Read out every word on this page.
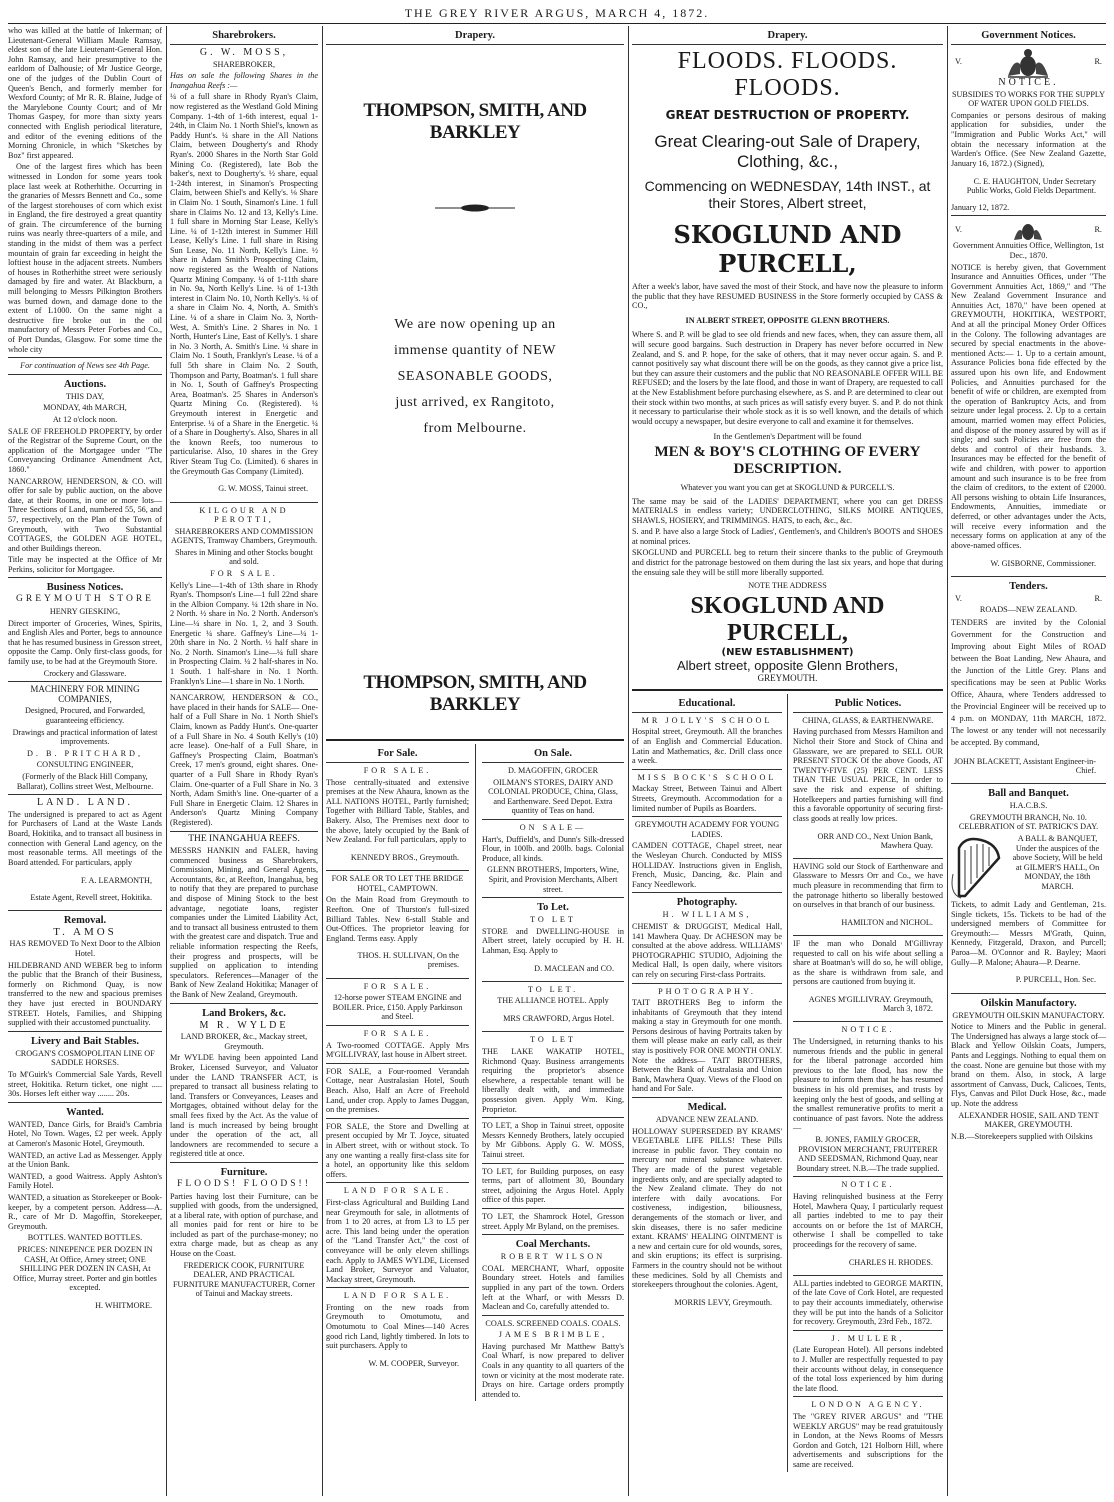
THE GREY RIVER ARGUS, MARCH 4, 1872.

who was killed at the battle of Inkerman; of Lieutenant-General William Maule Ramsay, eldest son of the late Lieutenant-General Hon. John Ramsay, and heir presumptive to the earldom of Dalhousie; of Mr Justice George, one of the judges of the Dublin Court of Queen's Bench, and formerly member for Wexford County; of Mr R. R. Blaine, Judge of the Marylebone County Court; and of Mr Thomas Gaspey, for more than sixty years connected with English periodical literature, and editor of the evening editions of the Morning Chronicle, in which "Sketches by Boz" first appeared.

One of the largest fires which has been witnessed in London for some years took place last week at Rotherhithe. Occurring in the granaries of Messrs Bennett and Co., some of the largest storehouses of corn which exist in England, the fire destroyed a great quantity of grain. The circumference of the burning ruins was nearly three-quarters of a mile, and standing in the midst of them was a perfect mountain of grain far exceeding in height the loftiest house in the adjacent streets. Numbers of houses in Rotherhithe street were seriously damaged by fire and water. At Blackburn, a mill belonging to Messrs Pilkington Brothers was burned down, and damage done to the extent of L1000. On the same night a destructive fire broke out in the oil manufactory of Messrs Peter Forbes and Co., of Port Dundas, Glasgow. For some time the whole city

For continuation of News see 4th Page.

Auctions.

THIS DAY,

MONDAY, 4th MARCH,

At 12 o'clock noon.

SALE OF FREEHOLD PROPERTY, by order of the Registrar of the Supreme Court, on the application of the Mortgagee under "The Conveyancing Ordinance Amendment Act, 1860."

NANCARROW, HENDERSON, & CO. will offer for sale by public auction, on the above date, at their Rooms, in one or more lots— Three Sections of Land, numbered 55, 56, and 57, respectively, on the Plan of the Town of Greymouth, with Two Substantial COTTAGES, the GOLDEN AGE HOTEL, and other Buildings thereon.

Title may be inspected at the Office of Mr Perkins, solicitor for Mortgagee.

Business Notices.

GREYMOUTH STORE

HENRY GIESKING,

Direct importer of Groceries, Wines, Spirits, and English Ales and Porter, begs to announce that he has resumed business in Gresson street, opposite the Camp. Only first-class goods, for family use, to be had at the Greymouth Store.

Crockery and Glassware.

MACHINERY FOR MINING COMPANIES,

Designed, Procured, and Forwarded, guaranteeing efficiency.

Drawings and practical information of latest improvements.

D. B. PRITCHARD,

CONSULTING ENGINEER,

(Formerly of the Black Hill Company, Ballarat), Collins street West, Melbourne.

LAND. LAND.

The undersigned is prepared to act as Agent for Purchasers of Land at the Waste Lands Board, Hokitika, and to transact all business in connection with General Land agency, on the most reasonable terms. All meetings of the Board attended. For particulars, apply

F. A. LEARMONTH,

Estate Agent, Revell street, Hokitika.

Removal.

T. AMOS

HAS REMOVED To Next Door to the Albion Hotel.

HILDEBRAND AND WEBER beg to inform the public that the Branch of their Business, formerly on Richmond Quay, is now transferred to the new and spacious premises they have just erected in BOUNDARY STREET. Hotels, Families, and Shipping supplied with their accustomed punctuality.

Livery and Bait Stables.

CROGAN'S COSMOPOLITAN LINE OF SADDLE HORSES.

To M'Guirk's Commercial Sale Yards, Revell street, Hokitika. Return ticket, one night ..... 30s. Horses left either way ........ 20s.

Wanted.

WANTED, Dance Girls, for Braid's Cambria Hotel, No Town. Wages, £2 per week. Apply at Cameron's Masonic Hotel, Greymouth.

WANTED, an active Lad as Messenger. Apply at the Union Bank.

WANTED, a good Waitress. Apply Ashton's Family Hotel.

WANTED, a situation as Storekeeper or Book-keeper, by a competent person. Address—A. R., care of Mr D. Magoffin, Storekeeper, Greymouth.

BOTTLES. WANTED BOTTLES.

PRICES: NINEPENCE PER DOZEN IN CASH, At Office, Arney street; ONE SHILLING PER DOZEN IN CASH, At Office, Murray street. Porter and gin bottles excepted.

H. WHITMORE.

Sharebrokers.

G. W. MOSS,

SHAREBROKER,

Has on sale the following Shares in the Inangahua Reefs :—

¼ of a full share in Rhody Ryan's Claim, now registered as the Westland Gold Mining Company. 1-4th of 1-6th interest, equal 1-24th, in Claim No. 1 North Shiel's, known as Paddy Hunt's. ¼ share in the All Nations Claim, between Dougherty's and Rhody Ryan's. 2000 Shares in the North Star Gold Mining Co. (Registered), late Bob the baker's, next to Dougherty's. ½ share, equal 1-24th interest, in Sinamon's Prospecting Claim, between Shiel's and Kelly's. ⅛ Share in Claim No. 1 South, Sinamon's Line. 1 full share in Claims No. 12 and 13, Kelly's Line. 1 full share in Morning Star Lease, Kelly's Line. ¼ of 1-12th interest in Summer Hill Lease, Kelly's Line. 1 full share in Rising Sun Lease, No. 11 North, Kelly's Line. ½ share in Adam Smith's Prospecting Claim, now registered as the Wealth of Nations Quartz Mining Company. ¼ of 1-11th share in No. 9a, North Kelly's Line. ¼ of 1-13th interest in Claim No. 10, North Kelly's. ¼ of a share in Claim No. 4, North, A. Smith's Line. ¼ of a share in Claim No. 3, North-West, A. Smith's Line. 2 Shares in No. 1 North, Hunter's Line, East of Kelly's. 1 share in No. 3 North, A. Smith's Line. ¼ share in Claim No. 1 South, Franklyn's Lease. ¼ of a full 5th share in Claim No. 2 South, Thompson and Party, Boatman's. 1 full share in No. 1, South of Gaffney's Prospecting Area, Boatman's. 25 Shares in Anderson's Quartz Mining Co. (Registered). ¼ Greymouth interest in Energetic and Enterprise. ¼ of a Share in the Energetic. ¼ of a Share in Dougherty's. Also, Shares in all the known Reefs, too numerous to particularise. Also, 10 shares in the Grey River Steam Tug Co. (Limited). 6 shares in the Greymouth Gas Company (Limited).

G. W. MOSS, Tainui street.

KILGOUR AND PEROTTI,

SHAREBROKERS AND COMMISSION AGENTS, Tramway Chambers, Greymouth.

Shares in Mining and other Stocks bought and sold.

FOR SALE.

Kelly's Line—1-4th of 13th share in Rhody Ryan's. Thompson's Line—1 full 22nd share in the Albion Company. ¼ 12th share in No. 2 North. ½ share in No. 2 North. Anderson's Line—¼ share in No. 1, 2, and 3 South. Energetic ¼ share. Gaffney's Line—¼ 1-20th share in No. 2 North. ½ half share in No. 2 North. Sinamon's Line—¼ full share in Prospecting Claim. ¼ 2 half-shares in No. 1 South. 1 half-share in No. 1 North. Franklyn's Line—1 share in No. 1 North.

NANCARROW, HENDERSON & CO., have placed in their hands for SALE— One-half of a Full Share in No. 1 North Shiel's Claim, known as Paddy Hunt's. One-quarter of a Full Share in No. 4 South Kelly's (10) acre lease). One-half of a Full Share, in Gaffney's Prospecting Claim, Boatman's Creek, 17 men's ground, eight shares. One-quarter of a Full Share in Rhody Ryan's Claim. One-quarter of a Full Share in No. 3 North, Adam Smith's line. One-quarter of a Full Share in Energetic Claim. 12 Shares in Anderson's Quartz Mining Company (Registered).

THE INANGAHUA REEFS.

MESSRS HANKIN and FALER, having commenced business as Sharebrokers, Commission, Mining, and General Agents, Accountants, &c, at Reefton, Inangahua, beg to notify that they are prepared to purchase and dispose of Mining Stock to the best advantage, negotiate loans, register companies under the Limited Liability Act, and to transact all business entrusted to them with the greatest care and dispatch. True and reliable information respecting the Reefs, their progress and prospects, will be supplied on application to intending speculators. References—Manager of the Bank of New Zealand Hokitika; Manager of the Bank of New Zealand, Greymouth.

Land Brokers, &c.

M R. WYLDE

LAND BROKER, &c., Mackay street, Greymouth.

Mr WYLDE having been appointed Land Broker, Licensed Surveyor, and Valuator under the LAND TRANSFER ACT, is prepared to transact all business relating to land. Transfers or Conveyances, Leases and Mortgages, obtained without delay for the small fees fixed by the Act. As the value of land is much increased by being brought under the operation of the act, all landowners are recommended to secure a registered title at once.

Furniture.

FLOODS! FLOODS!!

Parties having lost their Furniture, can be supplied with goods, from the undersigned, at a liberal rate, with option of purchase, and all monies paid for rent or hire to be included as part of the purchase-money; no extra charge made, but as cheap as any House on the Coast.

FREDERICK COOK, FURNITURE DEALER, AND PRACTICAL FURNITURE MANUFACTURER, Corner of Tainui and Mackay streets.

Drapery.
THOMPSON, SMITH, AND BARKLEY
We are now opening up an
immense quantity of NEW
SEASONABLE GOODS,
just arrived, ex Rangitoto,
from Melbourne.
THOMPSON, SMITH, AND BARKLEY
For Sale.

FOR SALE.

Those centrally-situated and extensive premises at the New Ahaura, known as the ALL NATIONS HOTEL, Partly furnished; Together with Billiard Table, Stables, and Bakery. Also, The Premises next door to the above, lately occupied by the Bank of New Zealand. For full particulars, apply to

KENNEDY BROS., Greymouth.

FOR SALE OR TO LET THE BRIDGE HOTEL, CAMPTOWN.

On the Main Road from Greymouth to Reefton. One of Thurston's full-sized Billiard Tables. New 6-stall Stable and Out-Offices. The proprietor leaving for England. Terms easy. Apply

THOS. H. SULLIVAN, On the premises.

FOR SALE.

12-horse power STEAM ENGINE and BOILER. Price, £150. Apply Parkinson and Steel.

FOR SALE.

A Two-roomed COTTAGE. Apply Mrs M'GILLIVRAY, last house in Albert street.

FOR SALE, a Four-roomed Verandah Cottage, near Australasian Hotel, South Beach. Also, Half an Acre of Freehold Land, under crop. Apply to James Duggan, on the premises.

FOR SALE, the Store and Dwelling at present occupied by Mr T. Joyce, situated in Albert street, with or without stock. To any one wanting a really first-class site for a hotel, an opportunity like this seldom offers.

LAND FOR SALE.

First-class Agricultural and Building Land near Greymouth for sale, in allotments of from 1 to 20 acres, at from L3 to L5 per acre. This land being under the operation of the "Land Transfer Act," the cost of conveyance will be only eleven shillings each. Apply to JAMES WYLDE, Licensed Land Broker, Surveyor and Valuator, Mackay street, Greymouth.

LAND FOR SALE.

Fronting on the new roads from Greymouth to Omotumotu, and Omotumotu to Coal Mines—140 Acres good rich Land, lightly timbered. In lots to suit purchasers. Apply to

W. M. COOPER, Surveyor.

On Sale.

D. MAGOFFIN, GROCER

OILMAN'S STORES, DAIRY AND COLONIAL PRODUCE, China, Glass, and Earthenware. Seed Depot. Extra quantity of Teas on hand.

ON SALE—

Hart's, Duffield's, and Dunn's Silk-dressed Flour, in 100lb. and 200lb. bags. Colonial Produce, all kinds.

GLENN BROTHERS, Importers, Wine, Spirit, and Provision Merchants, Albert street.

To Let.

TO LET

STORE and DWELLING-HOUSE in Albert street, lately occupied by H. H. Lahman, Esq. Apply to

D. MACLEAN and CO.

TO LET.

THE ALLIANCE HOTEL. Apply

MRS CRAWFORD, Argus Hotel.

TO LET

THE LAKE WAKATIP HOTEL, Richmond Quay. Business arrangements requiring the proprietor's absence elsewhere, a respectable tenant will be liberally dealt with, and immediate possession given. Apply Wm. King, Proprietor.

TO LET, a Shop in Tainui street, opposite Messrs Kennedy Brothers, lately occupied by Mr Gibbons. Apply G. W. MOSS, Tainui street.

TO LET, for Building purposes, on easy terms, part of allotment 30, Boundary street, adjoining the Argus Hotel. Apply office of this paper.

TO LET, the Shamrock Hotel, Gresson street. Apply Mr Byland, on the premises.

Coal Merchants.

ROBERT WILSON

COAL MERCHANT, Wharf, opposite Boundary street. Hotels and families supplied in any part of the town. Orders left at the Wharf, or with Messrs D. Maclean and Co, carefully attended to.

COALS. SCREENED COALS. COALS.

JAMES BRIMBLE,

Having purchased Mr Matthew Batty's Coal Wharf, is now prepared to deliver Coals in any quantity to all quarters of the town or vicinity at the most moderate rate. Drays on hire. Cartage orders promptly attended to.

Drapery.
FLOODS. FLOODS. FLOODS.
GREAT DESTRUCTION OF PROPERTY.
Great Clearing-out Sale of Drapery, Clothing, &c.,
Commencing on WEDNESDAY, 14th INST., at their Stores, Albert street,
SKOGLUND AND PURCELL,

After a week's labor, have saved the most of their Stock, and have now the pleasure to inform the public that they have RESUMED BUSINESS in the Store formerly occupied by CASS & CO.,

IN ALBERT STREET, OPPOSITE GLENN BROTHERS.

Where S. and P. will be glad to see old friends and new faces, when, they can assure them, all will secure good bargains. Such destruction in Drapery has never before occurred in New Zealand, and S. and P. hope, for the sake of others, that it may never occur again. S. and P. cannot positively say what discount there will be on the goods, as they cannot give a price list, but they can assure their customers and the public that NO REASONABLE OFFER WILL BE REFUSED; and the losers by the late flood, and those in want of Drapery, are requested to call at the New Establishment before purchasing elsewhere, as S. and P. are determined to clear out their stock within two months, at such prices as will satisfy every buyer. S. and P. do not think it necessary to particularise their whole stock as it is so well known, and the details of which would occupy a newspaper, but desire everyone to call and examine it for themselves.

In the Gentlemen's Department will be found

MEN & BOY'S CLOTHING OF EVERY DESCRIPTION.

Whatever you want you can get at SKOGLUND & PURCELL'S.

The same may be said of the LADIES' DEPARTMENT, where you can get DRESS MATERIALS in endless variety; UNDERCLOTHING, SILKS MOIRE ANTIQUES, SHAWLS, HOSIERY, and TRIMMINGS. HATS, to each, &c., &c.

S. and P. have also a large Stock of Ladies', Gentlemen's, and Children's BOOTS and SHOES at nominal prices.

SKOGLUND and PURCELL beg to return their sincere thanks to the public of Greymouth and district for the patronage bestowed on them during the last six years, and hope that during the ensuing sale they will be still more liberally supported.

NOTE THE ADDRESS

SKOGLUND AND PURCELL,
(NEW ESTABLISHMENT)
Albert street, opposite Glenn Brothers,
GREYMOUTH.
Educational.

MR JOLLY'S SCHOOL

Hospital street, Greymouth. All the branches of an English and Commercial Education. Latin and Mathematics, &c. Drill class once a week.

MISS BOCK'S SCHOOL

Mackay Street, Between Tainui and Albert Streets, Greymouth. Accommodation for a limited number of Pupils as Boarders.

GREYMOUTH ACADEMY FOR YOUNG LADIES.

CAMDEN COTTAGE, Chapel street, near the Wesleyan Church. Conducted by MISS HOLLIDAY. Instructions given in English, French, Music, Dancing, &c. Plain and Fancy Needlework.

Photography.

H. WILLIAMS,

CHEMIST & DRUGGIST, Medical Hall, 141 Mawhera Quay. Dr ACHESON may be consulted at the above address. WILLIAMS' PHOTOGRAPHIC STUDIO, Adjoining the Medical Hall, Is open daily, where visitors can rely on securing First-class Portraits.

PHOTOGRAPHY.

TAIT BROTHERS Beg to inform the inhabitants of Greymouth that they intend making a stay in Greymouth for one month. Persons desirous of having Portraits taken by them will please make an early call, as their stay is positively FOR ONE MONTH ONLY. Note the address— TAIT BROTHERS, Between the Bank of Australasia and Union Bank, Mawhera Quay. Views of the Flood on hand and For Sale.

Medical.

ADVANCE NEW ZEALAND.

HOLLOWAY SUPERSEDED BY KRAMS' VEGETABLE LIFE PILLS! These Pills increase in public favor. They contain no mercury nor mineral substance whatever. They are made of the purest vegetable ingredients only, and are specially adapted to the New Zealand climate. They do not interfere with daily avocations. For costiveness, indigestion, biliousness, derangements of the stomach or liver, and skin diseases, there is no safer medicine extant. KRAMS' HEALING OINTMENT is a new and certain cure for old wounds, sores, and skin eruptions; its effect is surprising. Farmers in the country should not be without these medicines. Sold by all Chemists and storekeepers throughout the colonies. Agent,

MORRIS LEVY, Greymouth.

Public Notices.

CHINA, GLASS, & EARTHENWARE.

Having purchased from Messrs Hamilton and Nichol their Store and Stock of China and Glassware, we are prepared to SELL OUR PRESENT STOCK Of the above Goods, AT TWENTY-FIVE (25) PER CENT. LESS THAN THE USUAL PRICE, In order to save the risk and expense of shifting. Hotelkeepers and parties furnishing will find this a favorable opportunity of securing first-class goods at really low prices.

ORR AND CO., Next Union Bank, Mawhera Quay.

HAVING sold our Stock of Earthenware and Glassware to Messrs Orr and Co., we have much pleasure in recommending that firm to the patronage hitherto so liberally bestowed on ourselves in that branch of our business.

HAMILTON and NICHOL.

IF the man who Donald M'Gillivray requested to call on his wife about selling a share at Boatman's will do so, he will oblige, as the share is withdrawn from sale, and persons are cautioned from buying it.

AGNES M'GILLIVRAY. Greymouth, March 3, 1872.

NOTICE.

The Undersigned, in returning thanks to his numerous friends and the public in general for the liberal patronage accorded him previous to the late flood, has now the pleasure to inform them that he has resumed business in his old premises, and trusts by keeping only the best of goods, and selling at the smallest remunerative profits to merit a continuance of past favors. Note the address—

B. JONES, FAMILY GROCER, PROVISION MERCHANT, FRUITERER AND SEEDSMAN, Richmond Quay, near Boundary street. N.B.—The trade supplied.

NOTICE.

Having relinquished business at the Ferry Hotel, Mawhera Quay, I particularly request all parties indebted to me to pay their accounts on or before the 1st of MARCH, otherwise I shall be compelled to take proceedings for the recovery of same.

CHARLES H. RHODES.

ALL parties indebted to GEORGE MARTIN, of the late Cove of Cork Hotel, are requested to pay their accounts immediately, otherwise they will be put into the hands of a Solicitor for recovery. Greymouth, 23rd Feb., 1872.

J. MULLER,

(Late European Hotel). All persons indebted to J. Muller are respectfully requested to pay their accounts without delay, in consequence of the total loss experienced by him during the late flood.

LONDON AGENCY.

The "GREY RIVER ARGUS" and "THE WEEKLY ARGUS" may be read gratuitously in London, at the News Rooms of Messrs Gordon and Gotch, 121 Holborn Hill, where advertisements and subscriptions for the same are received.

Government Notices.
V.	R.

NOTICE.

SUBSIDIES TO WORKS FOR THE SUPPLY OF WATER UPON GOLD FIELDS.

Companies or persons desirous of making application for subsidies, under the "Immigration and Public Works Act," will obtain the necessary information at the Warden's Office. (See New Zealand Gazette, January 16, 1872.) (Signed),

C. E. HAUGHTON, Under Secretary Public Works, Gold Fields Department.

January 12, 1872.

V.	R.

Government Annuities Office, Wellington, 1st Dec., 1870.

NOTICE is hereby given, that Government Insurance and Annuities Offices, under "The Government Annuities Act, 1869," and "The New Zealand Government Insurance and Annuities Act, 1870," have been opened at GREYMOUTH, HOKITIKA, WESTPORT, And at all the principal Money Order Offices in the Colony. The following advantages are secured by special enactments in the above-mentioned Acts:— 1. Up to a certain amount, Assurance Policies bona fide effected by the assured upon his own life, and Endowment Policies, and Annuities purchased for the benefit of wife or children, are exempted from the operation of Bankruptcy Acts, and from seizure under legal process. 2. Up to a certain amount, married women may effect Policies, and dispose of the money assured by will as if single; and such Policies are free from the debts and control of their husbands. 3. Insurances may be effected for the benefit of wife and children, with power to apportion amount and such insurance is to be free from the claim of creditors, to the extent of £2000. All persons wishing to obtain Life Insurances, Endowments, Annuities, immediate or deferred, or other advantages under the Acts, will receive every information and the necessary forms on application at any of the above-named offices.

W. GISBORNE, Commissioner.

Tenders.
V.	R.

ROADS—NEW ZEALAND.

TENDERS are invited by the Colonial Government for the Construction and Improving about Eight Miles of ROAD between the Boat Landing, New Ahaura, and the Junction of the Little Grey. Plans and specifications may be seen at Public Works Office, Ahaura, where Tenders addressed to the Provincial Engineer will be received up to 4 p.m. on MONDAY, 11th MARCH, 1872. The lowest or any tender will not necessarily be accepted. By command,

JOHN BLACKETT, Assistant Engineer-in-Chief.

Ball and Banquet.

H.A.C.B.S.

GREYMOUTH BRANCH, No. 10. CELEBRATION of ST. PATRICK'S DAY.

A BALL & BANQUET, Under the auspices of the above Society, Will be held at GILMER'S HALL, On MONDAY, the 18th MARCH.

Tickets, to admit Lady and Gentleman, 21s. Single tickets, 15s. Tickets to be had of the undersigned members of Committee for Greymouth:— Messrs M'Grath, Quinn, Kennedy, Fitzgerald, Draxon, and Purcell; Paroa—M. O'Connor and R. Bayley; Maori Gully—P. Malone; Ahaura—P. Dearne.

P. PURCELL, Hon. Sec.

Oilskin Manufactory.

GREYMOUTH OILSKIN MANUFACTORY.

Notice to Miners and the Public in general. The Undersigned has always a large stock of— Black and Yellow Oilskin Coats, Jumpers, Pants and Leggings. Nothing to equal them on the coast. None are genuine but those with my brand on them. Also, in stock, A large assortment of Canvass, Duck, Calicoes, Tents, Flys, Canvas and Pilot Duck Hose, &c., made up. Note the address

ALEXANDER HOSIE, SAIL AND TENT MAKER, GREYMOUTH.

N.B.—Storekeepers supplied with Oilskins
